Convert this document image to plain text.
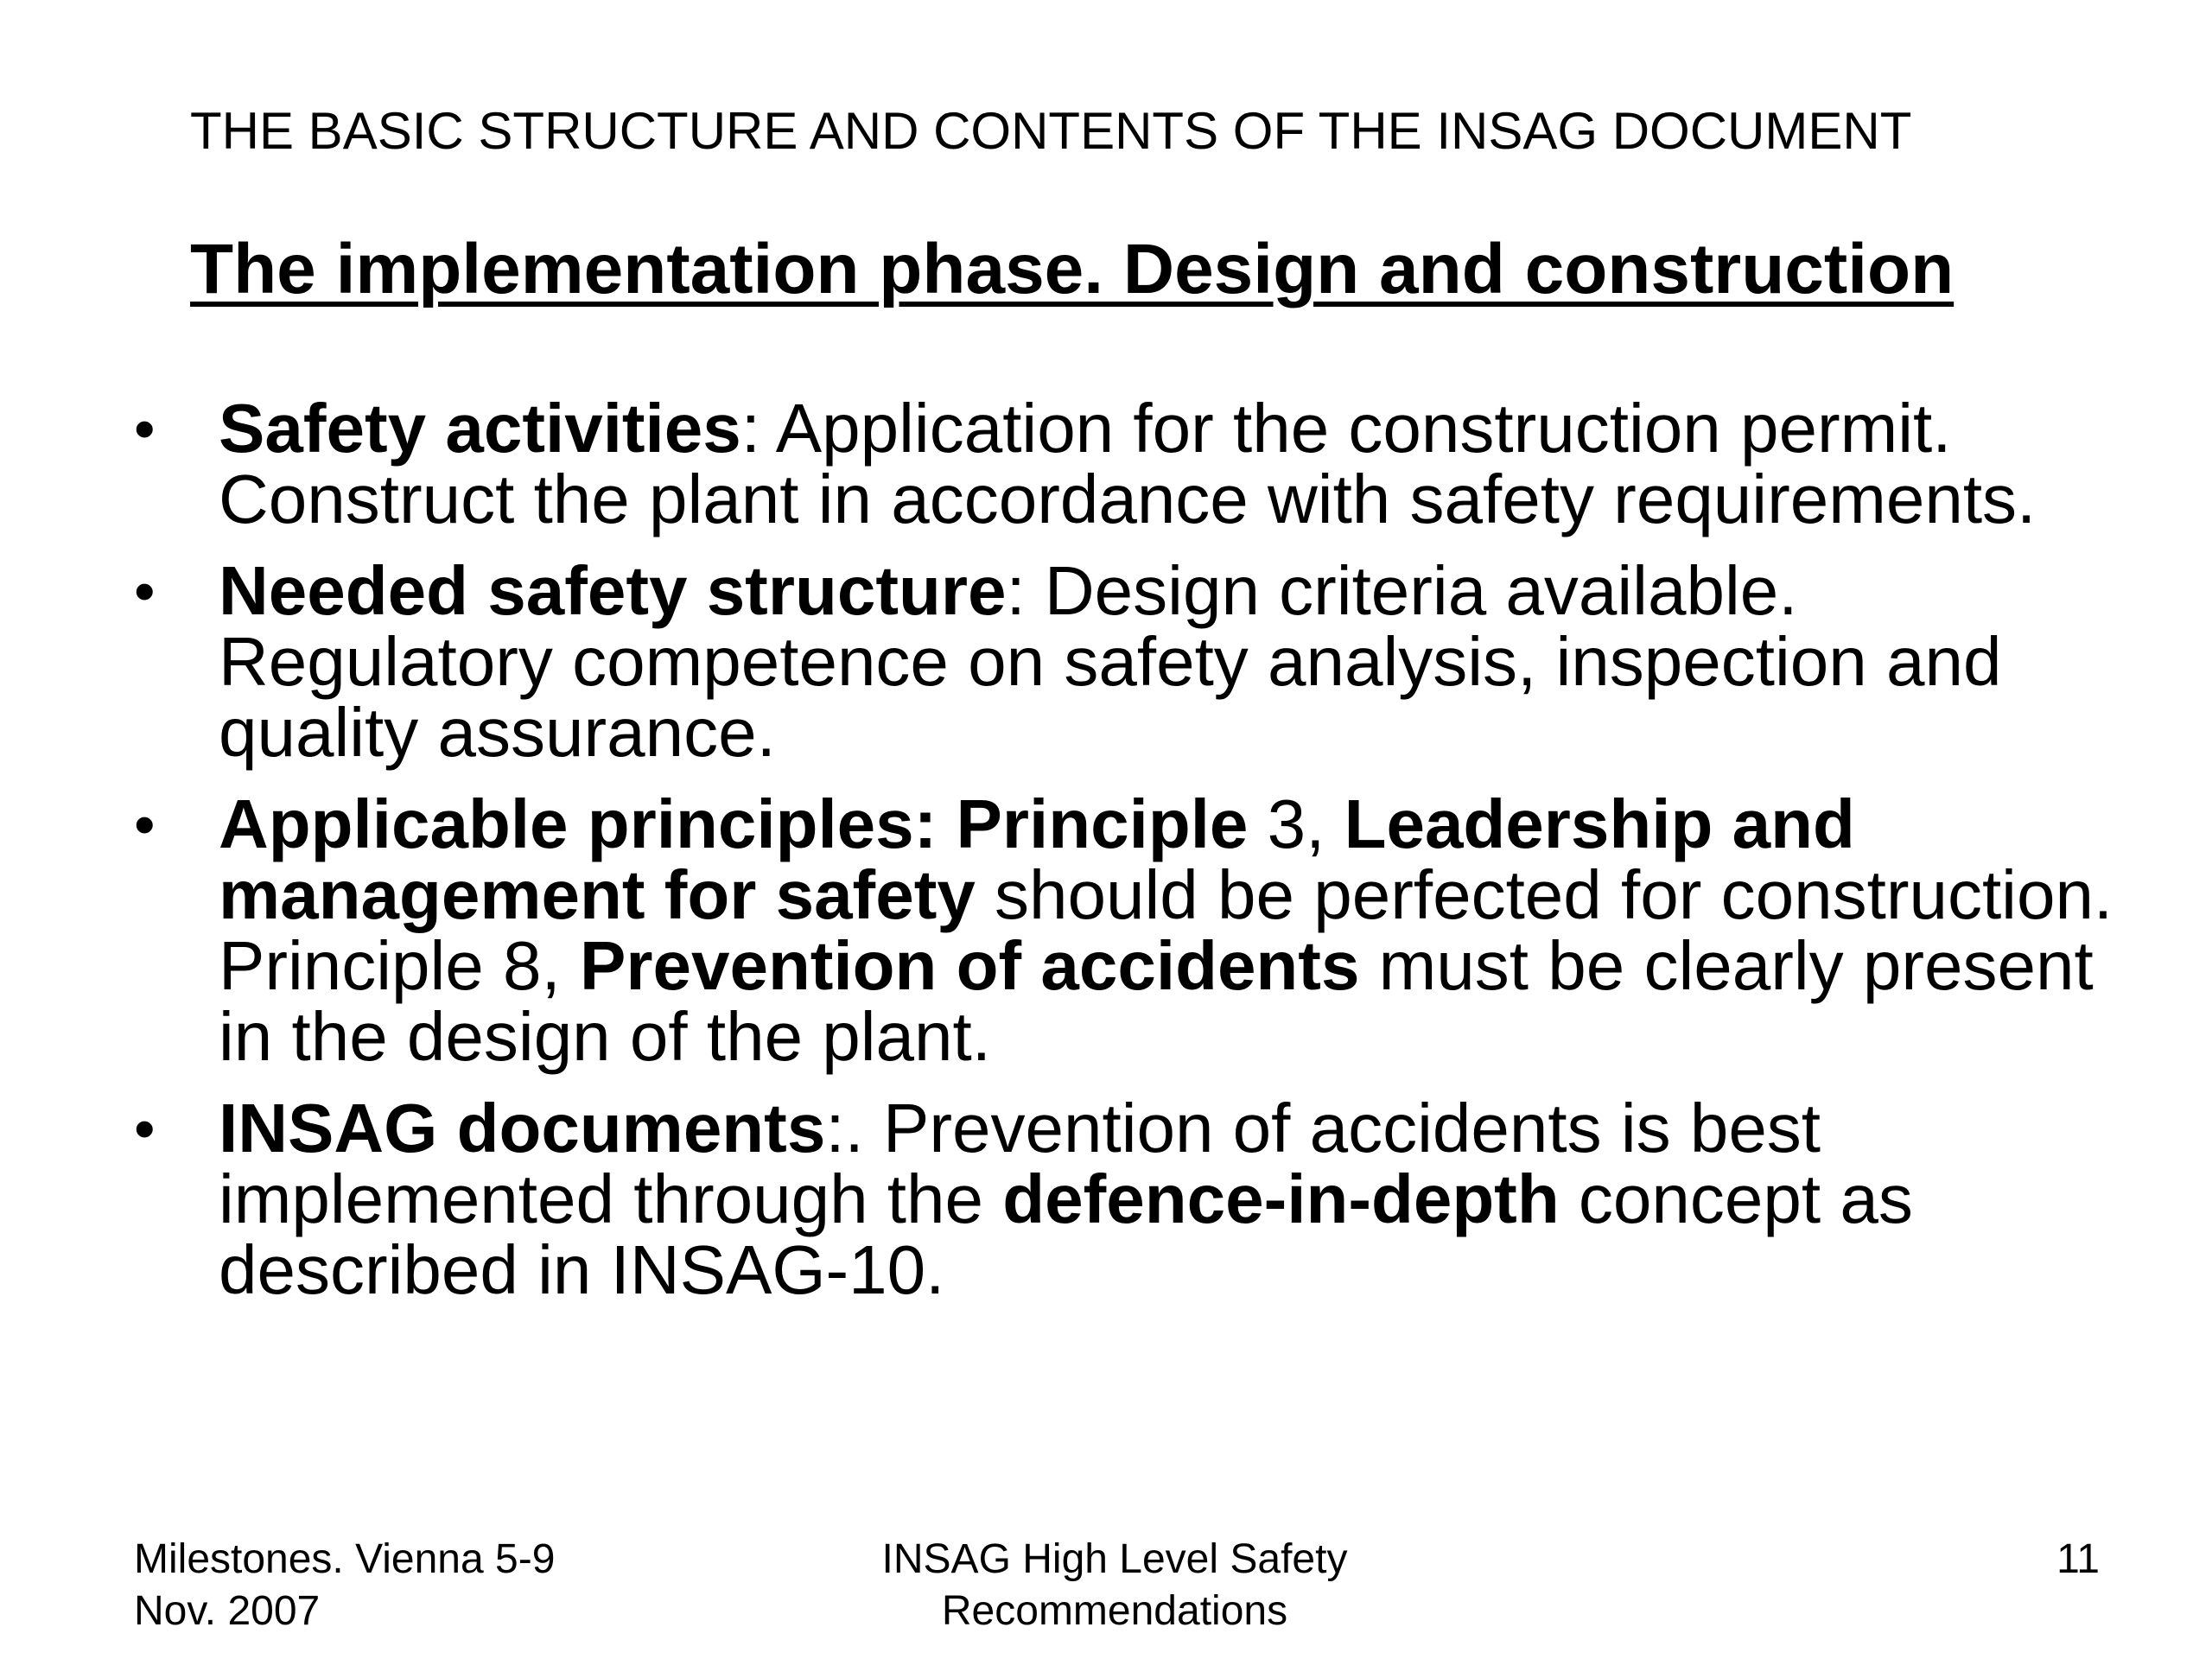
THE BASIC STRUCTURE AND CONTENTS OF THE INSAG DOCUMENT
The implementation phase. Design and construction
• Safety activities: Application for the construction permit. Construct the plant in accordance with safety requirements.
• Needed safety structure: Design criteria available. Regulatory competence on safety analysis, inspection and quality assurance.
• Applicable principles: Principle 3, Leadership and management for safety should be perfected for construction. Principle 8, Prevention of accidents must be clearly present in the design of the plant.
• INSAG documents:. Prevention of accidents is best implemented through the defence-in-depth concept as described in INSAG-10.
Milestones. Vienna 5-9
Nov. 2007
INSAG High Level Safety
Recommendations
11
